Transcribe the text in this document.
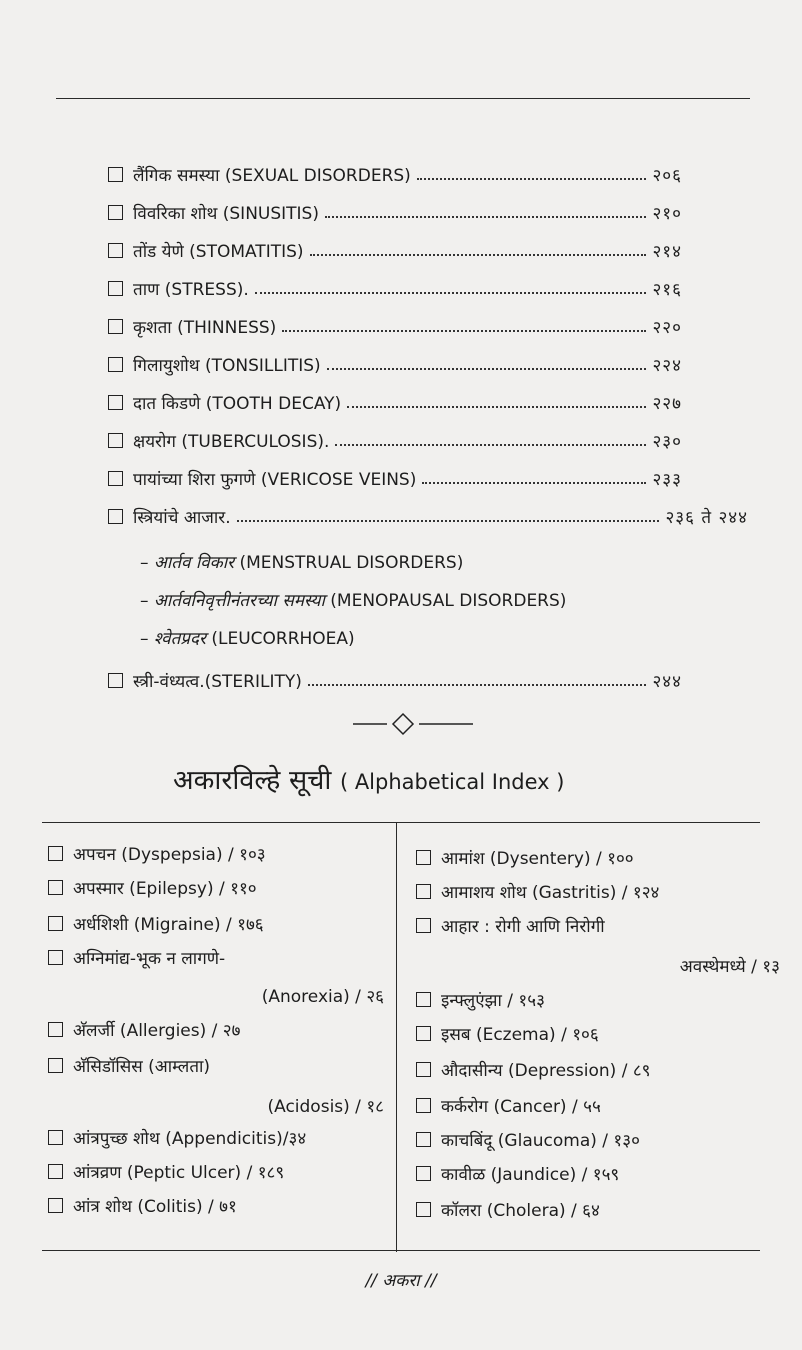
लैंगिक समस्या (SEXUAL DISORDERS)	२०६
विवरिका शोथ (SINUSITIS)	२१०
तोंड येणे (STOMATITIS)	२१४
ताण (STRESS).	२१६
कृशता (THINNESS)	२२०
गिलायुशोथ (TONSILLITIS)	२२४
दात किडणे (TOOTH DECAY)	२२७
क्षयरोग (TUBERCULOSIS).	२३०
पायांच्या शिरा फुगणे (VERICOSE VEINS)	२३३
स्त्रियांचे आजार.	२३६ ते २४४
– आर्तव विकार (MENSTRUAL DISORDERS)
– आर्तवनिवृत्तीनंतरच्या समस्या (MENOPAUSAL DISORDERS)
– श्वेतप्रदर (LEUCORRHOEA)
स्त्री-वंध्यत्व.(STERILITY)	२४४
अकारविल्हे सूची ( Alphabetical Index )
अपचन (Dyspepsia) / १०३
अपस्मार (Epilepsy) / ११०
अर्धशिशी (Migraine) / १७६
अग्निमांद्य-भूक न लागणे-
(Anorexia) / २६
अ‍ॅलर्जी (Allergies) / २७
अ‍ॅसिडॉसिस (आम्लता)
(Acidosis) / १८
आंत्रपुच्छ शोथ (Appendicitis)/३४
आंत्रव्रण (Peptic Ulcer) / १८९
आंत्र शोथ (Colitis) / ७१
आमांश (Dysentery) / १००
आमाशय शोथ (Gastritis) / १२४
आहार : रोगी आणि निरोगी
अवस्थेमध्ये / १३
इन्फ्लुएंझा / १५३
इसब (Eczema) / १०६
औदासीन्य (Depression) / ८९
कर्करोग (Cancer) / ५५
काचबिंदू (Glaucoma) / १३०
कावीळ (Jaundice) / १५९
कॉलरा (Cholera) / ६४
// अकरा //
